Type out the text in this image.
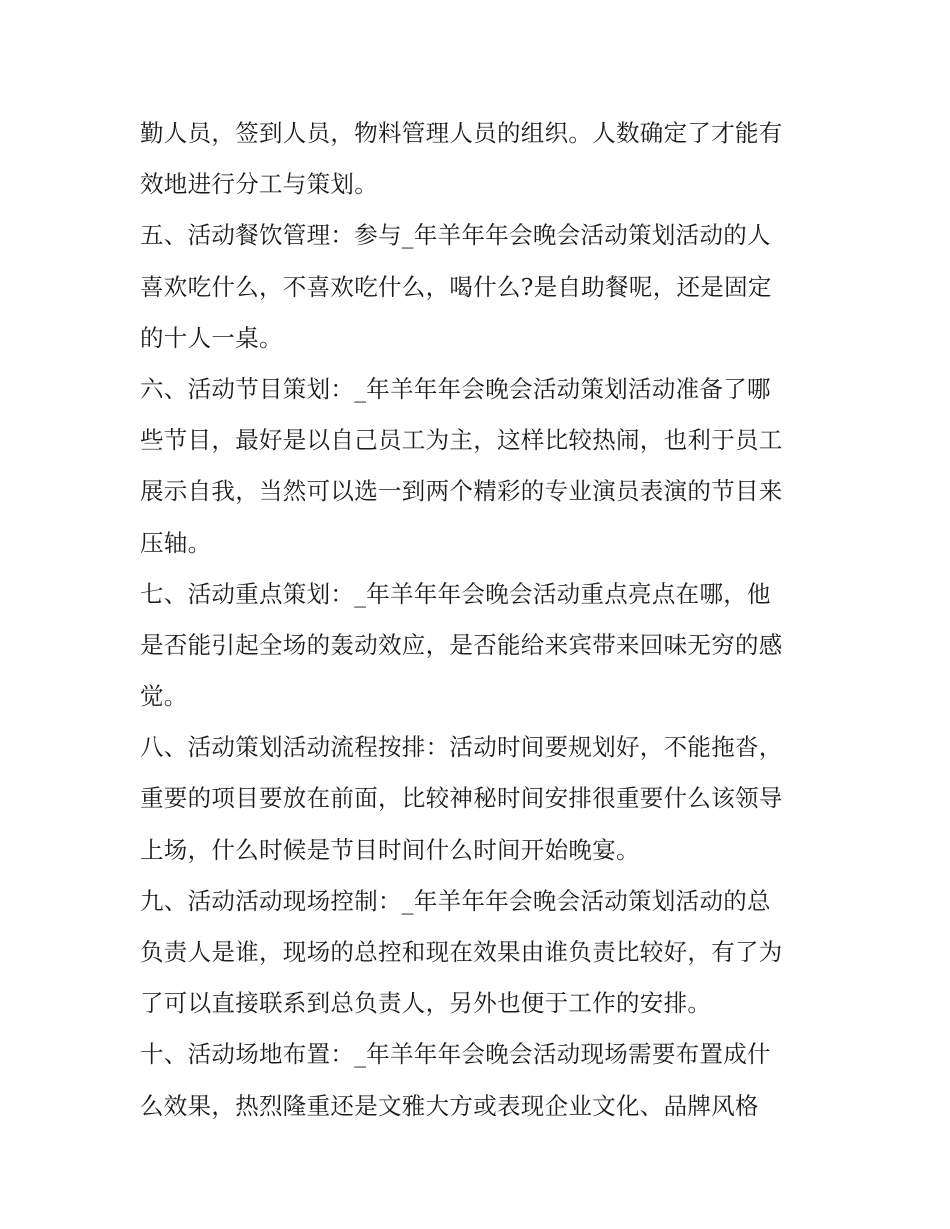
勤人员，签到人员，物料管理人员的组织。人数确定了才能有
效地进行分工与策划。
五、活动餐饮管理：参与_年羊年年会晚会活动策划活动的人
喜欢吃什么，不喜欢吃什么，喝什么?是自助餐呢，还是固定
的十人一桌。
六、活动节目策划：_年羊年年会晚会活动策划活动准备了哪
些节目，最好是以自己员工为主，这样比较热闹，也利于员工
展示自我，当然可以选一到两个精彩的专业演员表演的节目来
压轴。
七、活动重点策划：_年羊年年会晚会活动重点亮点在哪，他
是否能引起全场的轰动效应，是否能给来宾带来回味无穷的感
觉。
八、活动策划活动流程按排：活动时间要规划好，不能拖沓，
重要的项目要放在前面，比较神秘时间安排很重要什么该领导
上场，什么时候是节目时间什么时间开始晚宴。
九、活动活动现场控制：_年羊年年会晚会活动策划活动的总
负责人是谁，现场的总控和现在效果由谁负责比较好，有了为
了可以直接联系到总负责人，另外也便于工作的安排。
十、活动场地布置：_年羊年年会晚会活动现场需要布置成什
么效果，热烈隆重还是文雅大方或表现企业文化、品牌风格
